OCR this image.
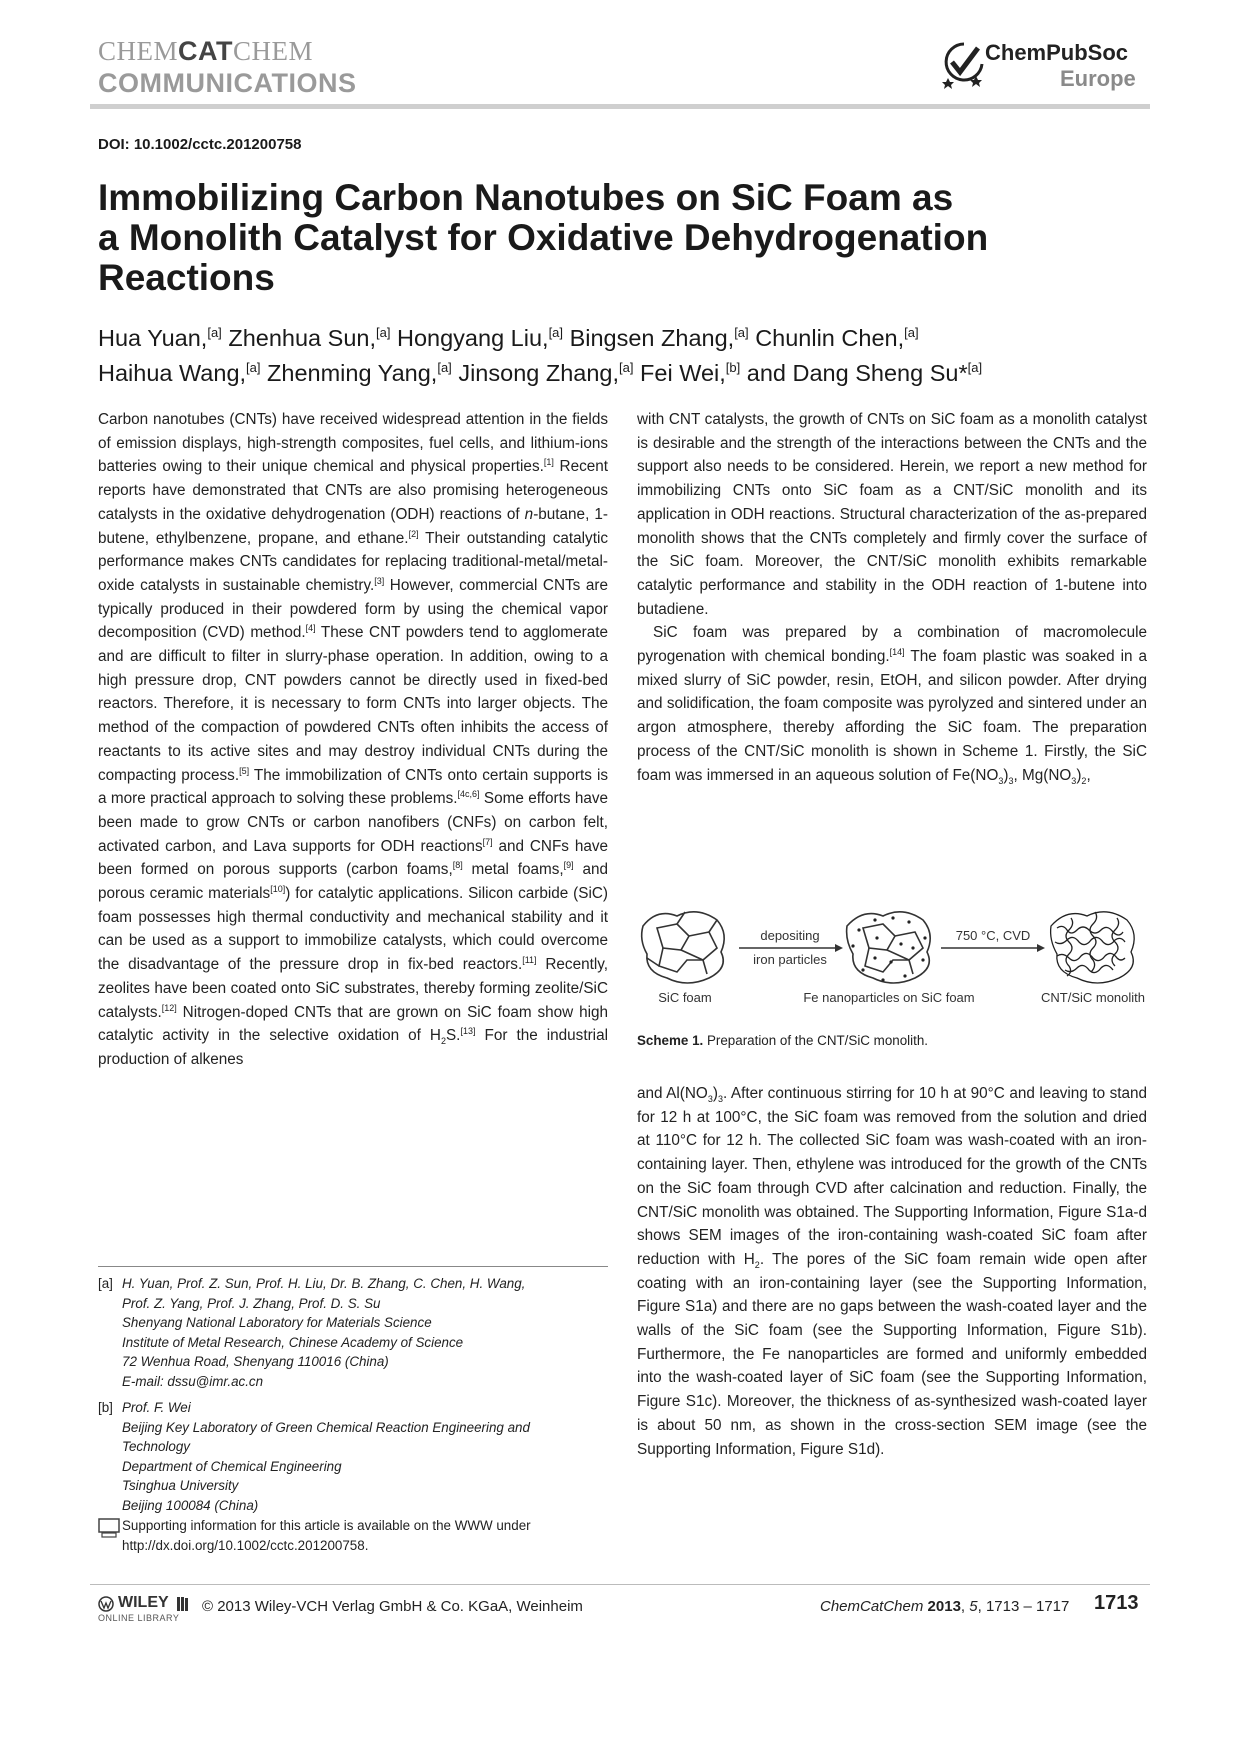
CHEMCATCHEM
COMMUNICATIONS
ChemPubSoc
Europe
DOI: 10.1002/cctc.201200758
Immobilizing Carbon Nanotubes on SiC Foam as
a Monolith Catalyst for Oxidative Dehydrogenation
Reactions
Hua Yuan,[a] Zhenhua Sun,[a] Hongyang Liu,[a] Bingsen Zhang,[a] Chunlin Chen,[a]
Haihua Wang,[a] Zhenming Yang,[a] Jinsong Zhang,[a] Fei Wei,[b] and Dang Sheng Su*[a]

Carbon nanotubes (CNTs) have received widespread attention in the fields of emission displays, high-strength composites, fuel cells, and lithium-ions batteries owing to their unique chemical and physical properties.[1] Recent reports have demonstrated that CNTs are also promising heterogeneous catalysts in the oxidative dehydrogenation (ODH) reactions of n-butane, 1-butene, ethylbenzene, propane, and ethane.[2] Their outstanding catalytic performance makes CNTs candidates for replacing traditional-metal/metal-oxide catalysts in sustainable chemistry.[3] However, commercial CNTs are typically produced in their powdered form by using the chemical vapor decomposition (CVD) method.[4] These CNT powders tend to agglomerate and are difficult to filter in slurry-phase operation. In addition, owing to a high pressure drop, CNT powders cannot be directly used in fixed-bed reactors. Therefore, it is necessary to form CNTs into larger objects. The method of the compaction of powdered CNTs often inhibits the access of reactants to its active sites and may destroy individual CNTs during the compacting process.[5] The immobilization of CNTs onto certain supports is a more practical approach to solving these problems.[4c,6] Some efforts have been made to grow CNTs or carbon nanofibers (CNFs) on carbon felt, activated carbon, and Lava supports for ODH reactions[7] and CNFs have been formed on porous supports (carbon foams,[8] metal foams,[9] and porous ceramic materials[10]) for catalytic applications. Silicon carbide (SiC) foam possesses high thermal conductivity and mechanical stability and it can be used as a support to immobilize catalysts, which could overcome the disadvantage of the pressure drop in fix-bed reactors.[11] Recently, zeolites have been coated onto SiC substrates, thereby forming zeolite/SiC catalysts.[12] Nitrogen-doped CNTs that are grown on SiC foam show high catalytic activity in the selective oxidation of $H_2S.[13]$ For the industrial production of alkenes

[a] H. Yuan, Prof. Z. Sun, Prof. H. Liu, Dr. B. Zhang, C. Chen, H. Wang,
Prof. Z. Yang, Prof. J. Zhang, Prof. D. S. Su
Shenyang National Laboratory for Materials Science
Institute of Metal Research, Chinese Academy of Science
72 Wenhua Road, Shenyang 110016 (China)
E-mail: dssu@imr.ac.cn
[b] Prof. F. Wei
Beijing Key Laboratory of Green Chemical Reaction Engineering and
Technology
Department of Chemical Engineering
Tsinghua University
Beijing 100084 (China)
Supporting information for this article is available on the WWW under
http://dx.doi.org/10.1002/cctc.201200758.

with CNT catalysts, the growth of CNTs on SiC foam as a monolith catalyst is desirable and the strength of the interactions between the CNTs and the support also needs to be considered. Herein, we report a new method for immobilizing CNTs onto SiC foam as a CNT/SiC monolith and its application in ODH reactions. Structural characterization of the as-prepared monolith shows that the CNTs completely and firmly cover the surface of the SiC foam. Moreover, the CNT/SiC monolith exhibits remarkable catalytic performance and stability in the ODH reaction of 1-butene into butadiene.

SiC foam was prepared by a combination of macromolecule pyrogenation with chemical bonding.[14] The foam plastic was soaked in a mixed slurry of SiC powder, resin, EtOH, and silicon powder. After drying and solidification, the foam composite was pyrolyzed and sintered under an argon atmosphere, thereby affording the SiC foam. The preparation process of the CNT/SiC monolith is shown in Scheme 1. Firstly, the SiC foam was immersed in an aqueous solution of $Fe(NO_3)_3$, $Mg(NO_3)_2$,

depositing
iron particles
750 °C, CVD
SiC foam	Fe nanoparticles on SiC foam	CNT/SiC monolith
Scheme 1. Preparation of the CNT/SiC monolith.

and $Al(NO_3)_3$. After continuous stirring for 10 h at 90°C and leaving to stand for 12 h at 100°C, the SiC foam was removed from the solution and dried at 110°C for 12 h. The collected SiC foam was wash-coated with an iron-containing layer. Then, ethylene was introduced for the growth of the CNTs on the SiC foam through CVD after calcination and reduction. Finally, the CNT/SiC monolith was obtained. The Supporting Information, Figure S1a-d shows SEM images of the iron-containing wash-coated SiC foam after reduction with $H_2$. The pores of the SiC foam remain wide open after coating with an iron-containing layer (see the Supporting Information, Figure S1a) and there are no gaps between the wash-coated layer and the walls of the SiC foam (see the Supporting Information, Figure S1b). Furthermore, the Fe nanoparticles are formed and uniformly embedded into the wash-coated layer of SiC foam (see the Supporting Information, Figure S1c). Moreover, the thickness of as-synthesized wash-coated layer is about 50 nm, as shown in the cross-section SEM image (see the Supporting Information, Figure S1d).

WILEY
ONLINE LIBRARY
© 2013 Wiley-VCH Verlag GmbH & Co. KGaA, Weinheim	ChemCatChem 2013, 5, 1713 – 1717 1713
